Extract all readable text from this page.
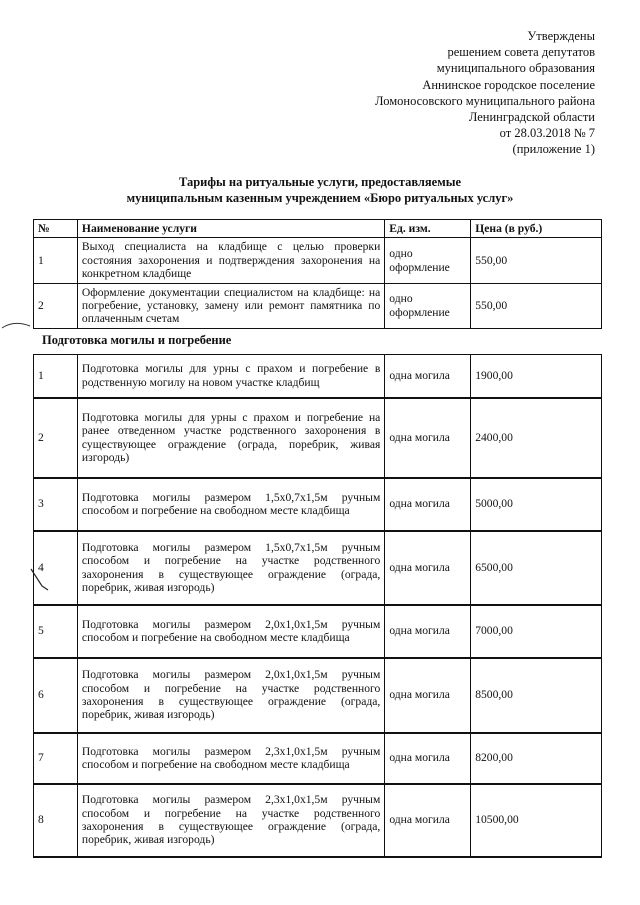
Утверждены
решением совета депутатов
муниципального образования
Аннинское городское поселение
Ломоносовского муниципального района
Ленинградской области
от 28.03.2018 № 7
(приложение 1)
Тарифы на ритуальные услуги, предоставляемые
муниципальным казенным учреждением «Бюро ритуальных услуг»
№	Наименование услуги	Ед. изм.	Цена (в руб.)
1	Выход специалиста на кладбище с целью проверки состояния захоронения и подтверждения захоронения на конкретном кладбище	одно оформление	550,00
2	Оформление документации специалистом на кладбище: на погребение, установку, замену или ремонт памятника по оплаченным счетам	одно оформление	550,00
Подготовка могилы и погребение
1	Подготовка могилы для урны с прахом и погребение в родственную могилу на новом участке кладбищ	одна могила	1900,00
2	Подготовка могилы для урны с прахом и погребение на ранее отведенном участке родственного захоронения в существующее ограждение (ограда, поребрик, живая изгородь)	одна могила	2400,00
3	Подготовка могилы размером 1,5х0,7х1,5м ручным способом и погребение на свободном месте кладбища	одна могила	5000,00
4	Подготовка могилы размером 1,5х0,7х1,5м ручным способом и погребение на участке родственного захоронения в существующее ограждение (ограда, поребрик, живая изгородь)	одна могила	6500,00
5	Подготовка могилы размером 2,0х1,0х1,5м ручным способом и погребение на свободном месте кладбища	одна могила	7000,00
6	Подготовка могилы размером 2,0х1,0х1,5м ручным способом и погребение на участке родственного захоронения в существующее ограждение (ограда, поребрик, живая изгородь)	одна могила	8500,00
7	Подготовка могилы размером 2,3х1,0х1,5м ручным способом и погребение на свободном месте кладбища	одна могила	8200,00
8	Подготовка могилы размером 2,3х1,0х1,5м ручным способом и погребение на участке родственного захоронения в существующее ограждение (ограда, поребрик, живая изгородь)	одна могила	10500,00
